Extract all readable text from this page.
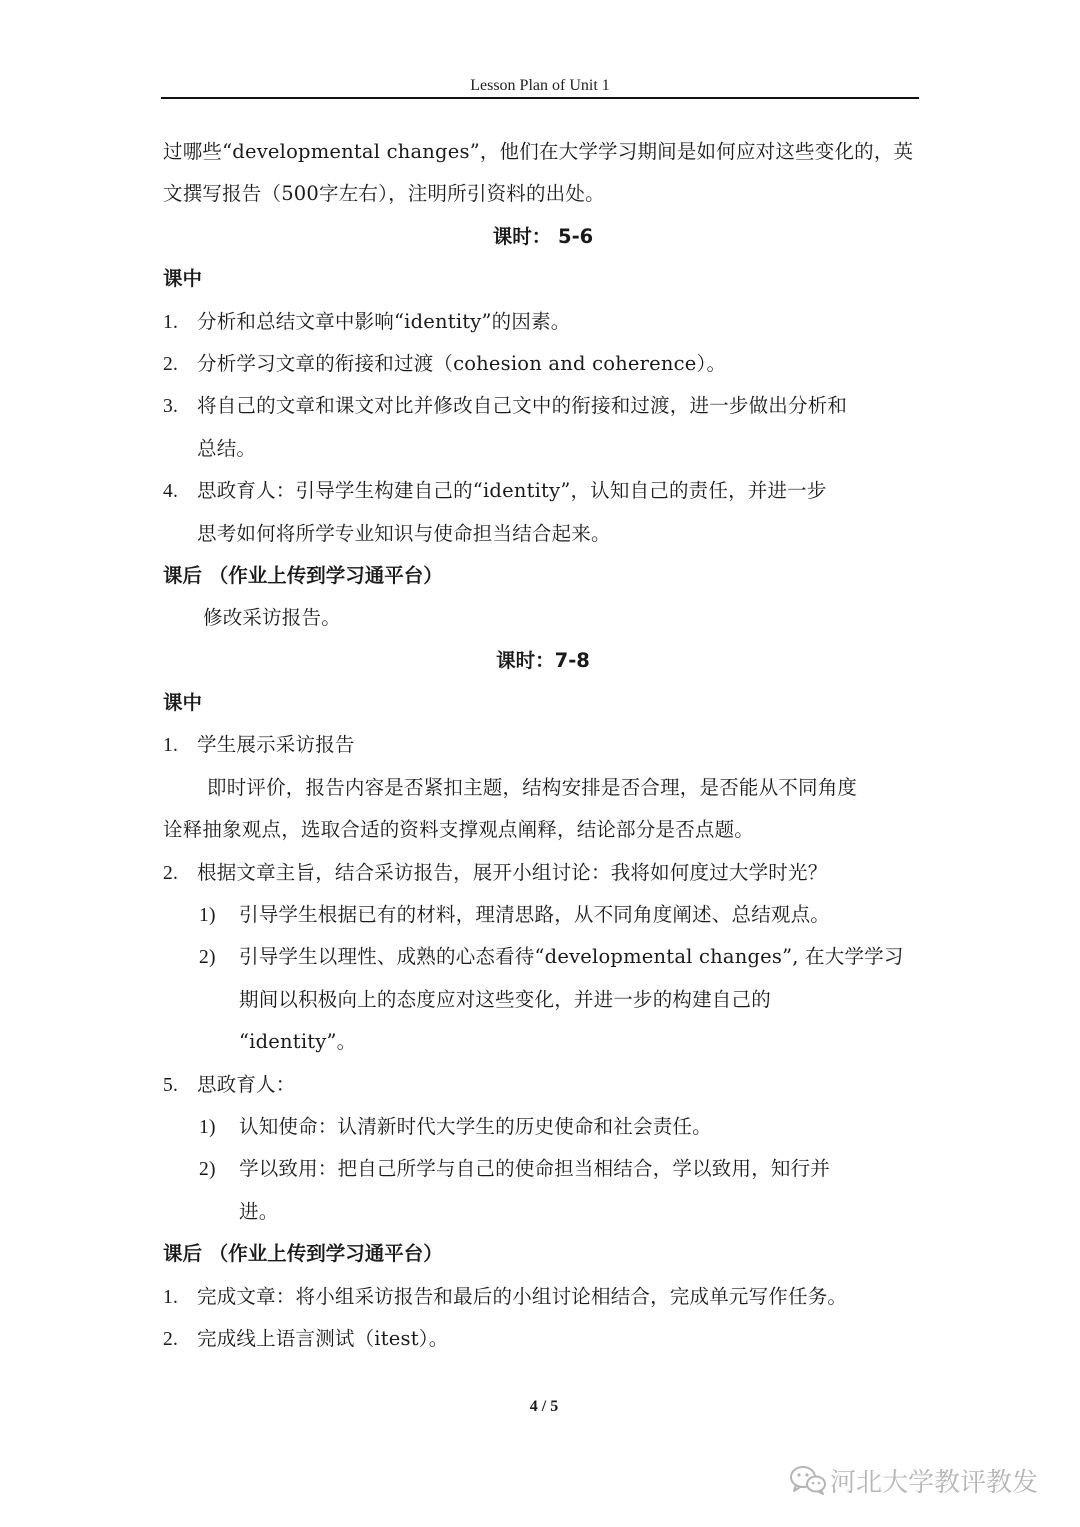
Lesson Plan of Unit 1
过哪些“developmental changes”，他们在大学学习期间是如何应对这些变化的，英
文撰写报告（500字左右），注明所引资料的出处。
课时： 5-6
课中
1. 分析和总结文章中影响“identity”的因素。
2. 分析学习文章的衔接和过渡（cohesion and coherence）。
3. 将自己的文章和课文对比并修改自己文中的衔接和过渡，进一步做出分析和
总结。
4. 思政育人：引导学生构建自己的“identity”，认知自己的责任，并进一步
思考如何将所学专业知识与使命担当结合起来。
课后 （作业上传到学习通平台）
修改采访报告。
课时：7-8
课中
1. 学生展示采访报告
即时评价，报告内容是否紧扣主题，结构安排是否合理，是否能从不同角度
诠释抽象观点，选取合适的资料支撑观点阐释，结论部分是否点题。
2. 根据文章主旨，结合采访报告，展开小组讨论：我将如何度过大学时光？
1) 引导学生根据已有的材料，理清思路，从不同角度阐述、总结观点。
2) 引导学生以理性、成熟的心态看待“developmental changes”, 在大学学习
期间以积极向上的态度应对这些变化，并进一步的构建自己的
“identity”。
5. 思政育人：
1) 认知使命：认清新时代大学生的历史使命和社会责任。
2) 学以致用：把自己所学与自己的使命担当相结合，学以致用，知行并
进。
课后 （作业上传到学习通平台）
1. 完成文章：将小组采访报告和最后的小组讨论相结合，完成单元写作任务。
2. 完成线上语言测试（itest）。
4 / 5
河北大学教评教发
